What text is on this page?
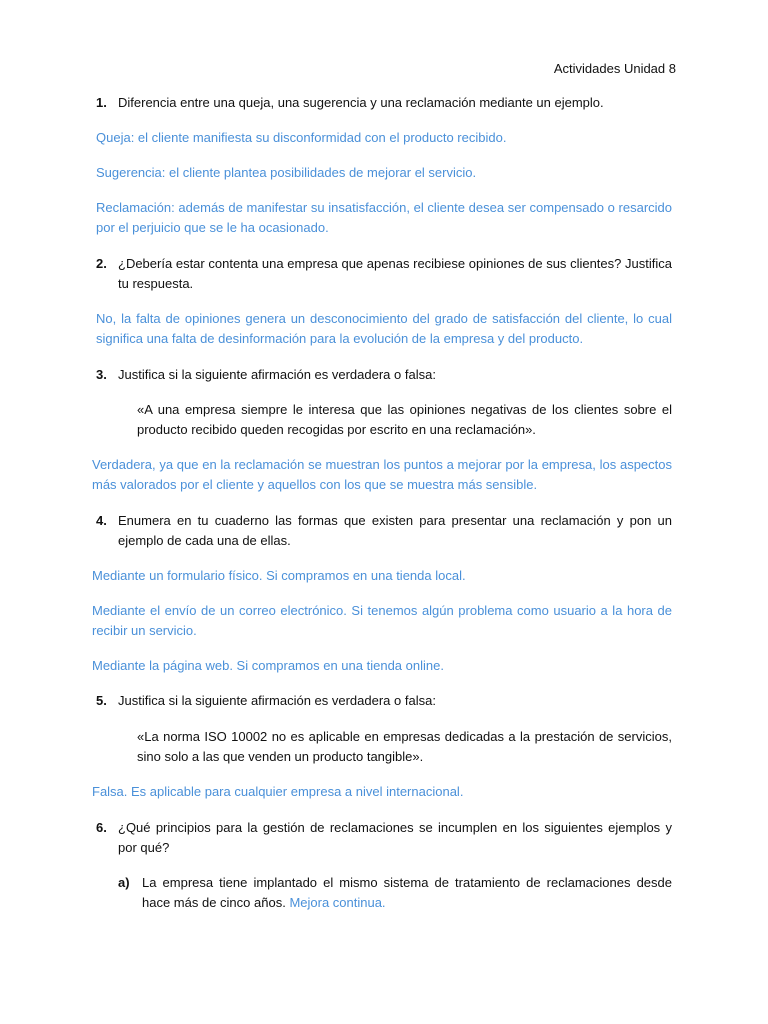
Actividades Unidad 8
1. Diferencia entre una queja, una sugerencia y una reclamación mediante un ejemplo.

Queja: el cliente manifiesta su disconformidad con el producto recibido.

Sugerencia: el cliente plantea posibilidades de mejorar el servicio.

Reclamación: además de manifestar su insatisfacción, el cliente desea ser compensado o resarcido por el perjuicio que se le ha ocasionado.

2. ¿Debería estar contenta una empresa que apenas recibiese opiniones de sus clientes? Justifica tu respuesta.

No, la falta de opiniones genera un desconocimiento del grado de satisfacción del cliente, lo cual significa una falta de desinformación para la evolución de la empresa y del producto.

3. Justifica si la siguiente afirmación es verdadera o falsa:

«A una empresa siempre le interesa que las opiniones negativas de los clientes sobre el producto recibido queden recogidas por escrito en una reclamación».

Verdadera, ya que en la reclamación se muestran los puntos a mejorar por la empresa, los aspectos más valorados por el cliente y aquellos con los que se muestra más sensible.

4. Enumera en tu cuaderno las formas que existen para presentar una reclamación y pon un ejemplo de cada una de ellas.

Mediante un formulario físico. Si compramos en una tienda local.

Mediante el envío de un correo electrónico. Si tenemos algún problema como usuario a la hora de recibir un servicio.

Mediante la página web. Si compramos en una tienda online.

5. Justifica si la siguiente afirmación es verdadera o falsa:

«La norma ISO 10002 no es aplicable en empresas dedicadas a la prestación de servicios, sino solo a las que venden un producto tangible».

Falsa. Es aplicable para cualquier empresa a nivel internacional.

6. ¿Qué principios para la gestión de reclamaciones se incumplen en los siguientes ejemplos y por qué?
a) La empresa tiene implantado el mismo sistema de tratamiento de reclamaciones desde hace más de cinco años. Mejora continua.
